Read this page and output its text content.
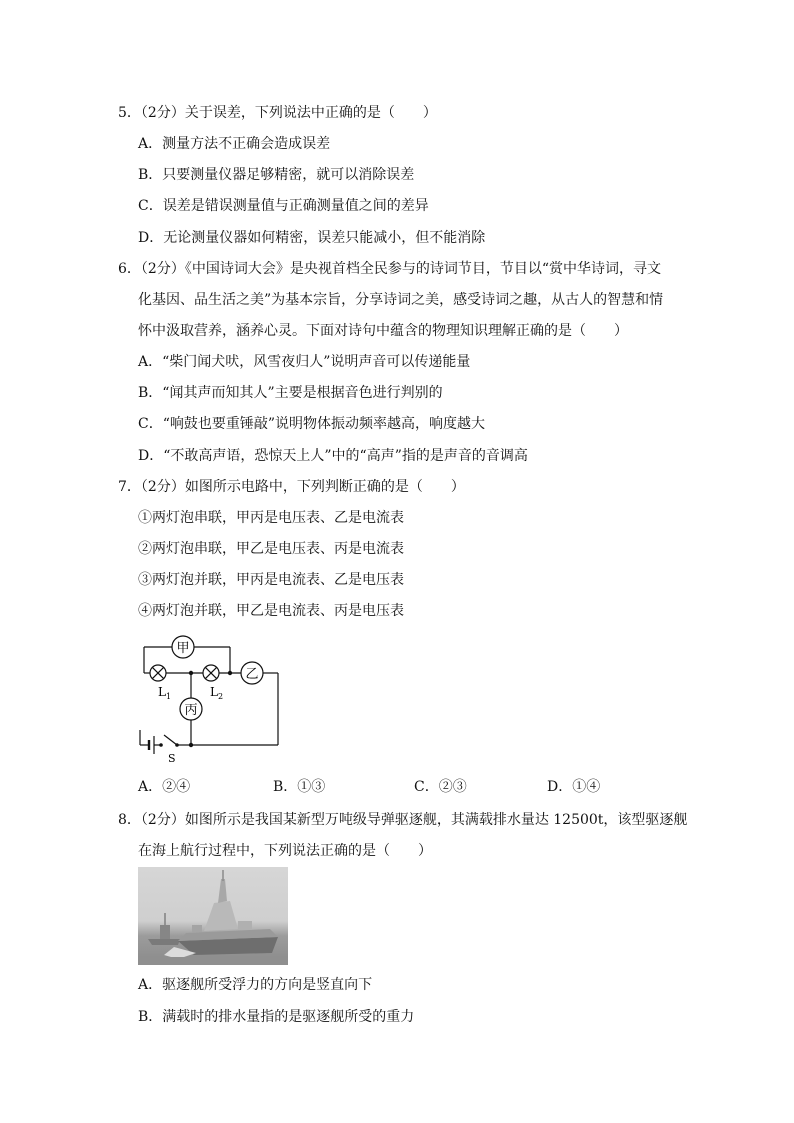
5．（2分）关于误差，下列说法中正确的是（　　）
A．测量方法不正确会造成误差
B．只要测量仪器足够精密，就可以消除误差
C．误差是错误测量值与正确测量值之间的差异
D．无论测量仪器如何精密，误差只能减小，但不能消除
6．（2分）《中国诗词大会》是央视首档全民参与的诗词节目，节目以“赏中华诗词，寻文
化基因、品生活之美”为基本宗旨，分享诗词之美，感受诗词之趣，从古人的智慧和情
怀中汲取营养，涵养心灵。下面对诗句中蕴含的物理知识理解正确的是（　　）
A．“柴门闻犬吠，风雪夜归人”说明声音可以传递能量
B．“闻其声而知其人”主要是根据音色进行判别的
C．“响鼓也要重锤敲”说明物体振动频率越高，响度越大
D．“不敢高声语，恐惊天上人”中的“高声”指的是声音的音调高
7．（2分）如图所示电路中，下列判断正确的是（　　）
①两灯泡串联，甲丙是电压表、乙是电流表
②两灯泡串联，甲乙是电压表、丙是电流表
③两灯泡并联，甲丙是电流表、乙是电压表
④两灯泡并联，甲乙是电流表、丙是电压表
甲
乙
丙
$L_1$	$L_2$
S
A．②④	B．①③	C．②③	D．①④
8．（2分）如图所示是我国某新型万吨级导弹驱逐舰，其满载排水量达 12500t，该型驱逐舰
在海上航行过程中，下列说法正确的是（　　）
A．驱逐舰所受浮力的方向是竖直向下
B．满载时的排水量指的是驱逐舰所受的重力
